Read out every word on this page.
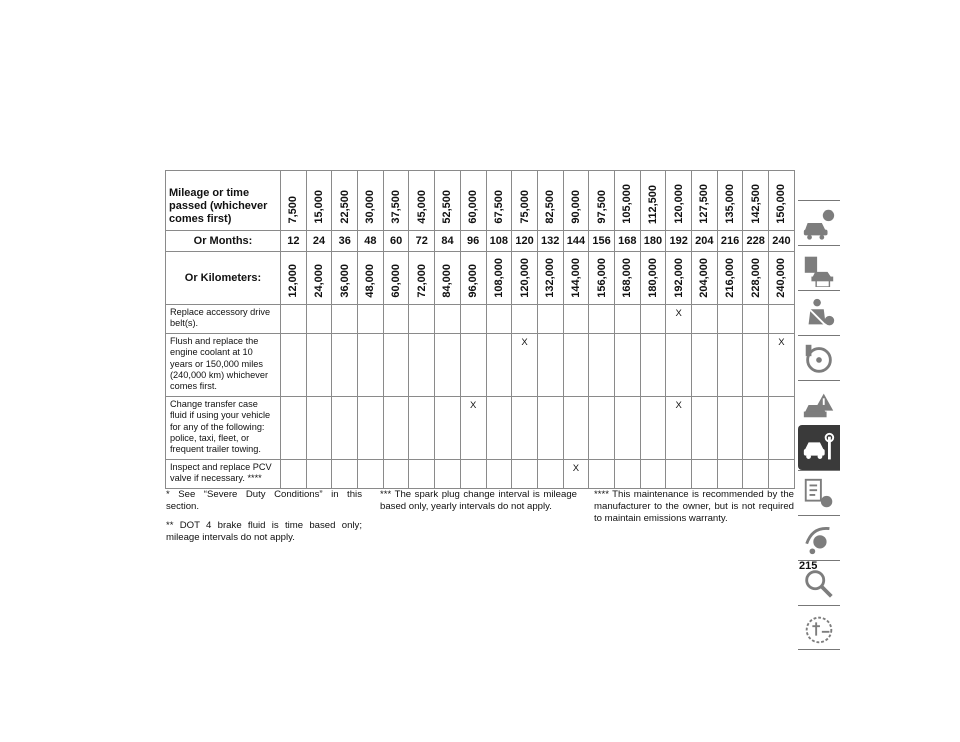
Mileage or time passed (whichever comes first)	7,500	15,000	22,500	30,000	37,500	45,000	52,500	60,000	67,500	75,000	82,500	90,000	97,500	105,000	112,500	120,000	127,500	135,000	142,500	150,000

Or Months:	12	24	36	48	60	72	84	96	108	120	132	144	156	168	180	192	204	216	228	240
Or Kilometers:	12,000	24,000	36,000	48,000	60,000	72,000	84,000	96,000	108,000	120,000	132,000	144,000	156,000	168,000	180,000	192,000	204,000	216,000	228,000	240,000

Replace accessory drive belt(s).																X				
Flush and replace the engine coolant at 10 years or 150,000 miles (240,000 km) whichever comes first.										X										X
Change transfer case fluid if using your vehicle for any of the following: police, taxi, fleet, or frequent trailer towing.								X								X				
Inspect and replace PCV valve if necessary. ****												X								

* See “Severe Duty Conditions” in this section.

** DOT 4 brake fluid is time based only; mileage intervals do not apply.

*** The spark plug change interval is mileage based only, yearly intervals do not apply.

**** This maintenance is recommended by the manufacturer to the owner, but is not required to maintain emissions warranty.

215
